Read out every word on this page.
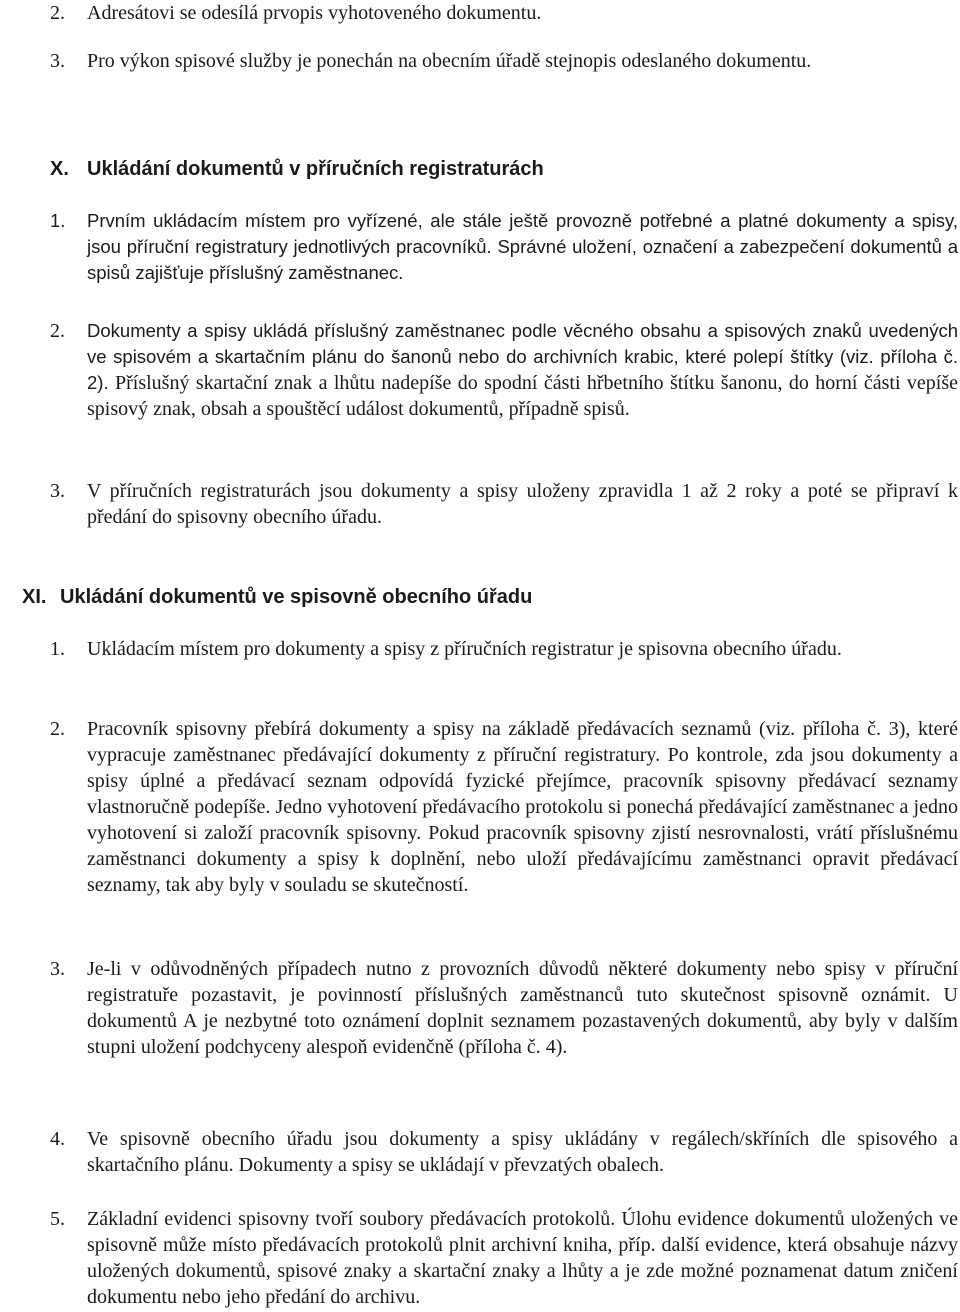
2.	Adresátovi se odesílá prvopis vyhotoveného dokumentu.
3.	Pro výkon spisové služby je ponechán na obecním úřadě stejnopis odeslaného dokumentu.
X. Ukládání dokumentů v příručních registraturách
1.	Prvním ukládacím místem pro vyřízené, ale stále ještě provozně potřebné a platné dokumenty a spisy, jsou příruční registratury jednotlivých pracovníků. Správné uložení, označení a zabezpečení dokumentů a spisů zajišťuje příslušný zaměstnanec.
2.	Dokumenty a spisy ukládá příslušný zaměstnanec podle věcného obsahu a spisových znaků uvedených ve spisovém a skartačním plánu do šanonů nebo do archivních krabic, které polepí štítky (viz. příloha č. 2). Příslušný skartační znak a lhůtu nadepíše do spodní části hřbetního štítku šanonu, do horní části vepíše spisový znak, obsah a spouštěcí událost dokumentů, případně spisů.
3.	V příručních registraturách jsou dokumenty a spisy uloženy zpravidla 1 až 2 roky a poté se připraví k předání do spisovny obecního úřadu.
XI. Ukládání dokumentů ve spisovně obecního úřadu
1.	Ukládacím místem pro dokumenty a spisy z příručních registratur je spisovna obecního úřadu.
2.	Pracovník spisovny přebírá dokumenty a spisy na základě předávacích seznamů (viz. příloha č. 3), které vypracuje zaměstnanec předávající dokumenty z příruční registratury. Po kontrole, zda jsou dokumenty a spisy úplné a předávací seznam odpovídá fyzické přejímce, pracovník spisovny předávací seznamy vlastnoručně podepíše. Jedno vyhotovení předávacího protokolu si ponechá předávající zaměstnanec a jedno vyhotovení si založí pracovník spisovny. Pokud pracovník spisovny zjistí nesrovnalosti, vrátí příslušnému zaměstnanci dokumenty a spisy k doplnění, nebo uloží předávajícímu zaměstnanci opravit předávací seznamy, tak aby byly v souladu se skutečností.
3.	Je-li v odůvodněných případech nutno z provozních důvodů některé dokumenty nebo spisy v příruční registratuře pozastavit, je povinností příslušných zaměstnanců tuto skutečnost spisovně oznámit. U dokumentů A je nezbytné toto oznámení doplnit seznamem pozastavených dokumentů, aby byly v dalším stupni uložení podchyceny alespoň evidenčně (příloha č. 4).
4.	Ve spisovně obecního úřadu jsou dokumenty a spisy ukládány v regálech/skříních dle spisového a skartačního plánu. Dokumenty a spisy se ukládají v převzatých obalech.
5.	Základní evidenci spisovny tvoří soubory předávacích protokolů. Úlohu evidence dokumentů uložených ve spisovně může místo předávacích protokolů plnit archivní kniha, příp. další evidence, která obsahuje názvy uložených dokumentů, spisové znaky a skartační znaky a lhůty a je zde možné poznamenat datum zničení dokumentu nebo jeho předání do archivu.
